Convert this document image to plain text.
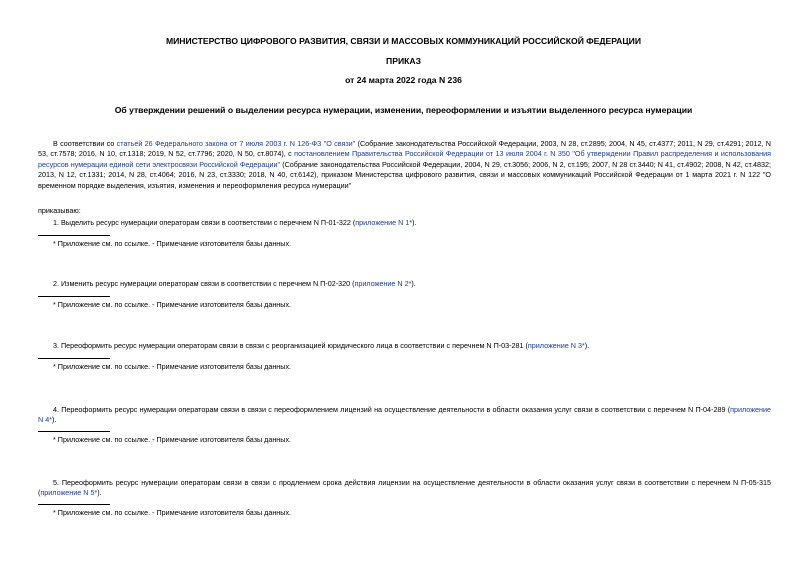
МИНИСТЕРСТВО ЦИФРОВОГО РАЗВИТИЯ, СВЯЗИ И МАССОВЫХ КОММУНИКАЦИЙ РОССИЙСКОЙ ФЕДЕРАЦИИ
ПРИКАЗ
от 24 марта 2022 года N 236
Об утверждении решений о выделении ресурса нумерации, изменении, переоформлении и изъятии выделенного ресурса нумерации
В соответствии со статьей 26 Федерального закона от 7 июля 2003 г. N 126-ФЗ "О связи" (Собрание законодательства Российской Федерации, 2003, N 28, ст.2895; 2004, N 45, ст.4377; 2011, N 29, ст.4291; 2012, N 53, ст.7578; 2016, N 10, ст.1318; 2019, N 52, ст.7796; 2020, N 50, ст.8074), с постановлением Правительства Российской Федерации от 13 июля 2004 г. N 350 "Об утверждении Правил распределения и использования ресурсов нумерации единой сети электросвязи Российской Федерации" (Собрание законодательства Российской Федерации, 2004, N 29, ст.3056; 2006, N 2, ст.195; 2007, N 28 ст.3440; N 41, ст.4902; 2008, N 42, ст.4832; 2013, N 12, ст.1331; 2014, N 28, ст.4064; 2016, N 23, ст.3330; 2018, N 40, ст.6142), приказом Министерства цифрового развития, связи и массовых коммуникаций Российской Федерации от 1 марта 2021 г. N 122 "О временном порядке выделения, изъятия, изменения и переоформления ресурса нумерации"
приказываю:
1. Выделить ресурс нумерации операторам связи в соответствии с перечнем N П-01-322 (приложение N 1*).
* Приложение см. по ссылке. - Примечание изготовителя базы данных.
2. Изменить ресурс нумерации операторам связи в соответствии с перечнем N П-02-320 (приложение N 2*).
* Приложение см. по ссылке. - Примечание изготовителя базы данных.
3. Переоформить ресурс нумерации операторам связи в связи с реорганизацией юридического лица в соответствии с перечнем N П-03-281 (приложение N 3*).
* Приложение см. по ссылке. - Примечание изготовителя базы данных.
4. Переоформить ресурс нумерации операторам связи в связи с переоформлением лицензий на осуществление деятельности в области оказания услуг связи в соответствии с перечнем N П-04-289 (приложение N 4*).
* Приложение см. по ссылке. - Примечание изготовителя базы данных.
5. Переоформить ресурс нумерации операторам связи в связи с продлением срока действия лицензии на осуществление деятельности в области оказания услуг связи в соответствии с перечнем N П-05-315 (приложение N 5*).
* Приложение см. по ссылке. - Примечание изготовителя базы данных.
